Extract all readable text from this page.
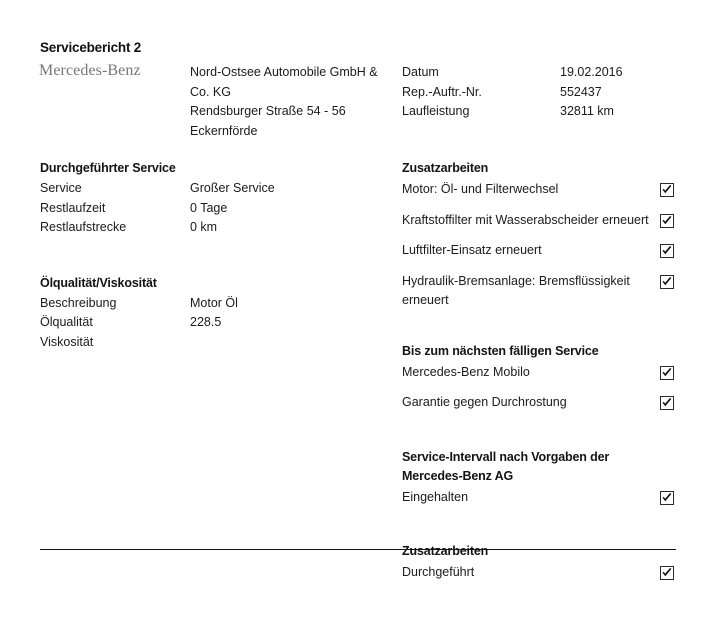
Servicebericht 2
Mercedes-Benz	Nord-Ostsee Automobile GmbH &
Co. KG
Rendsburger Straße 54 - 56
Eckernförde
Datum	19.02.2016
Rep.-Auftr.-Nr.	552437
Laufleistung	32811 km
Durchgeführter Service
Service	Großer Service
Restlaufzeit	0 Tage
Restlaufstrecke	0 km
Ölqualität/Viskosität
Beschreibung	Motor Öl
Ölqualität	228.5
Viskosität
Zusatzarbeiten
Motor: Öl- und Filterwechsel
Kraftstoffilter mit Wasserabscheider erneuert
Luftfilter-Einsatz erneuert
Hydraulik-Bremsanlage: Bremsflüssigkeit erneuert
Bis zum nächsten fälligen Service
Mercedes-Benz Mobilo
Garantie gegen Durchrostung
Service-Intervall nach Vorgaben der
Mercedes-Benz AG
Eingehalten
Zusatzarbeiten
Durchgeführt
